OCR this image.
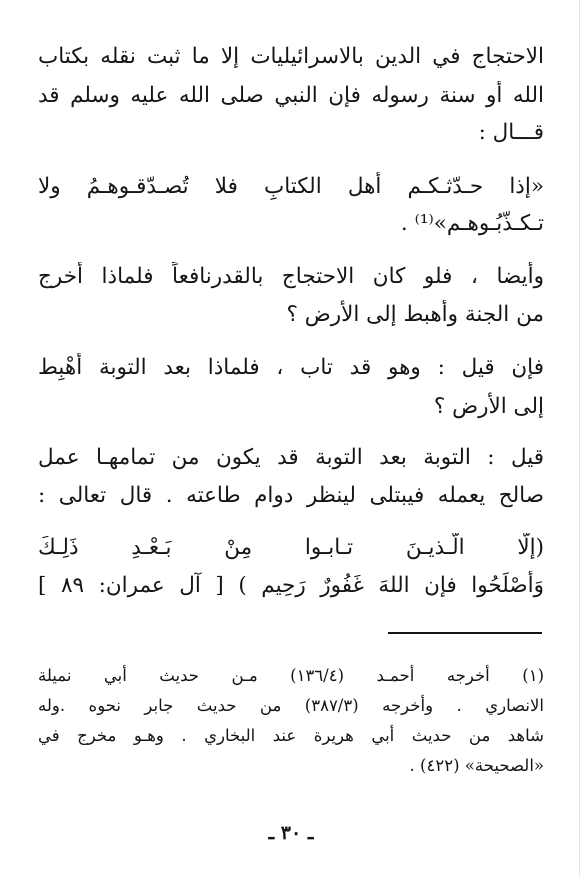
الاحتجاج في الدين بالاسرائيليات إلا ما ثبت نقله بكتاب
الله أو سنة رسوله فإن النبي صلى الله عليه وسلم قد
قـــال :
«إذا حـدّثـكـم أهل الكتابِ فلا تُصـدّقـوهـمُ ولا
تـكـذّبُـوهـم»⁽¹⁾ .
وأيضا ، فلو كان الاحتجاج بالقدرنافعاً فلماذا أخرج
من الجنة وأهبط إلى الأرض ؟
فإن قيل : وهو قد تاب ، فلماذا بعد التوبة أهْبِط
إلى الأرض ؟
قيل : التوبة بعد التوبة قد يكون من تمامهـا عمل
صالح يعمله فيبتلى لينظر دوام طاعته . قال تعالى :
(إلّا الّـذيـنَ تـابـوا مِنْ بَـعْـدِ ذَلِـكَ
وَأصْلَحُوا فإن اللهَ غَفُورٌ رَحِيم ) [ آل عمران: ٨٩ ]
(١) أخرجه أحمـد (١٣٦/٤) مـن حديث أبي نميلة
الانصاري . وأخرجه (٣٨٧/٣) من حديث جابر نحوه .وله
شاهد من حديث أبي هريرة عند البخاري . وهـو مخرج في
«الصحيحة» (٤٢٢) .
ـ ٣٠ ـ
